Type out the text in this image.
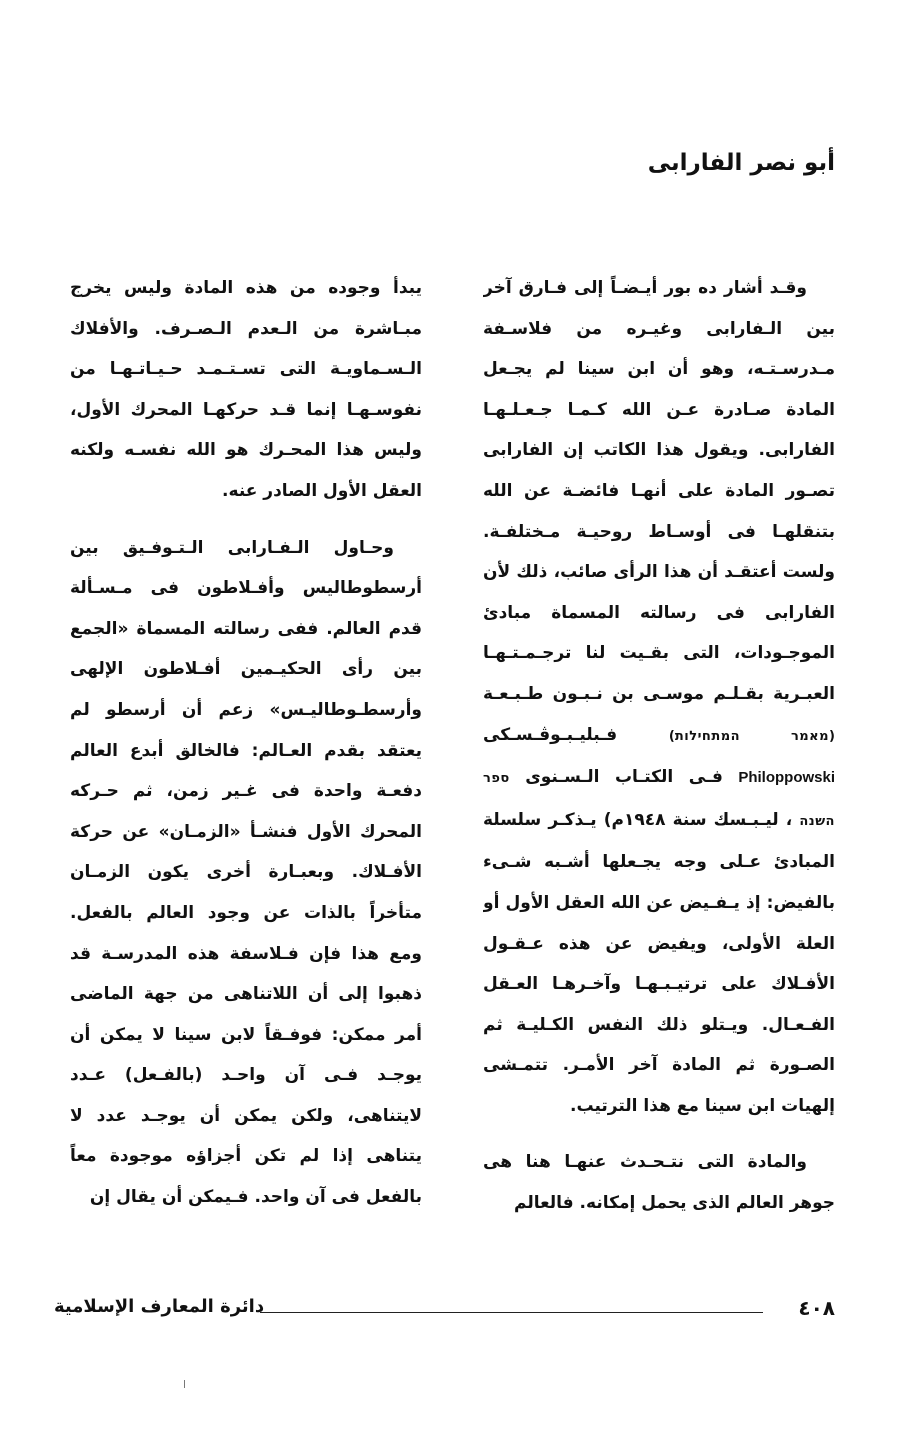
أبو نصر الفارابى

وقـد أشار ده بور أيـضـاً إلى فـارق آخر بين الـفارابى وغيـره من فلاسـفة مـدرسـتـه، وهو أن ابن سينا لم يجـعل المادة صـادرة عـن الله كـمـا جـعـلـهـا الفارابى. ويقول هذا الكاتب إن الفارابى تصـور المادة على أنهـا فائضـة عن الله بتنقلهـا فى أوسـاط روحيـة مـختلفـة. ولست أعتقـد أن هذا الرأى صائب، ذلك لأن الفارابى فى رسالته المسماة مبادئ الموجـودات، التى بقـيت لنا ترجـمـتـهـا العبـرية بقـلـم موسـى بن نـبـون طـبـعـة (מאמר המתחילות) فـبليـبـوڤـسـكى Philoppowski فـى الكتـاب الـسـنوى ספר השנה ، ليـبـسك سنة ١٩٤٨م) يـذكـر سلسلة المبادئ عـلى وجه يجـعلها أشـبه شـىء بالفيض: إذ يـفـيض عن الله العقل الأول أو العلة الأولى، ويفيض عن هذه عـقـول الأفـلاك على ترتيـبـهـا وآخـرهـا العـقل الفـعـال. ويـتلو ذلك النفس الكـليـة ثم الصـورة ثم المادة آخر الأمـر. تتمـشى إلهيات ابن سينا مع هذا الترتيب.

والمادة التى نتـحـدث عنهـا هنا هى جوهر العالم الذى يحمل إمكانه. فالعالم

يبدأ وجوده من هذه المادة وليس يخرج مبـاشرة من الـعدم الـصـرف. والأفلاك الـسـماويـة التى تسـتـمـد حـيـاتـهـا من نفوسـهـا إنما قـد حركهـا المحرك الأول، وليس هذا المحـرك هو الله نفسـه ولكنه العقل الأول الصادر عنه.

وحـاول الـفـارابى الـتـوفـيق بين أرسطوطاليس وأفـلاطون فى مـسـألة قدم العالم. ففى رسالته المسماة «الجمع بين رأى الحكيـمين أفـلاطون الإلهى وأرسطـوطاليـس» زعم أن أرسطو لم يعتقد بقدم العـالم: فالخالق أبدع العالم دفعـة واحدة فى غـير زمن، ثم حـركه المحرك الأول فنشـأ «الزمـان» عن حركة الأفـلاك. وبعبـارة أخرى يكون الزمـان متأخراً بالذات عن وجود العالم بالفعل. ومع هذا فإن فـلاسفة هذه المدرسـة قد ذهبوا إلى أن اللاتناهى من جهة الماضى أمر ممكن: فوفـقاً لابن سينا لا يمكن أن يوجـد فـى آن واحـد (بالفـعل) عـدد لايتناهى، ولكن يمكن أن يوجـد عدد لا يتناهى إذا لم تكن أجزاؤه موجودة معاً بالفعل فى آن واحد. فـيمكن أن يقال إن

٤٠٨
دائرة المعارف الإسلامية
